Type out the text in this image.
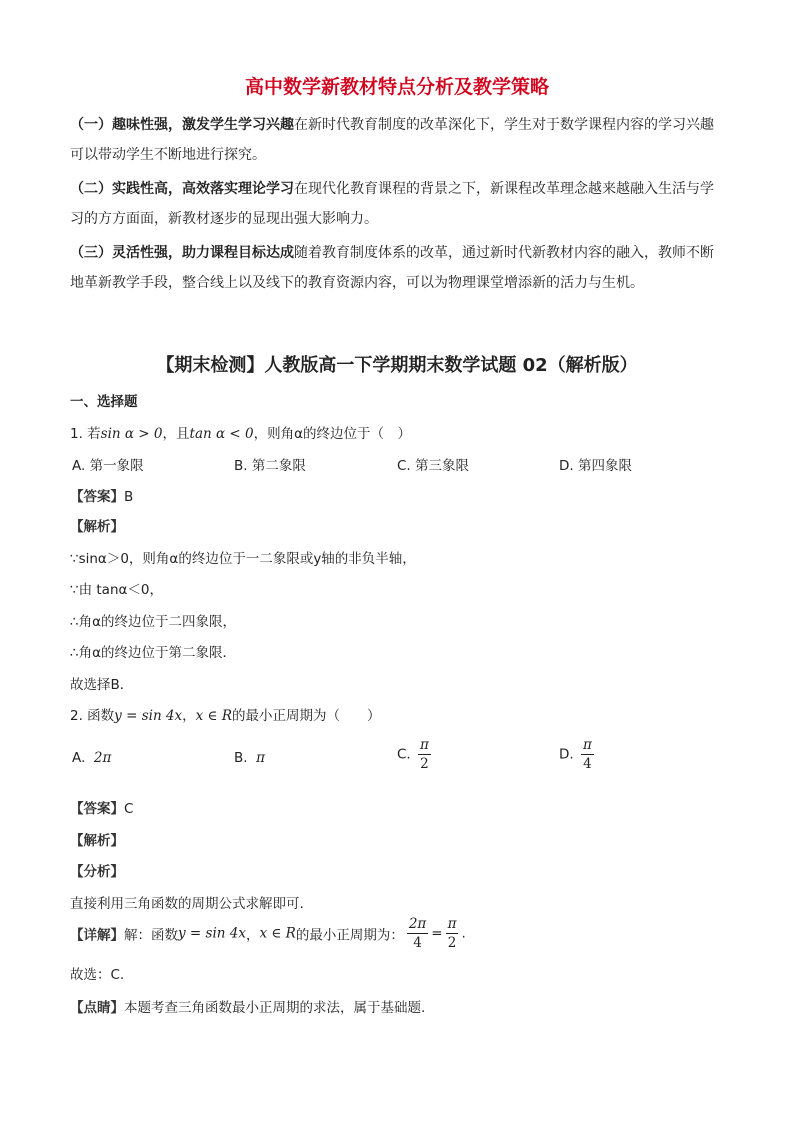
高中数学新教材特点分析及教学策略
（一）趣味性强，激发学生学习兴趣在新时代教育制度的改革深化下，学生对于数学课程内容的学习兴趣可以带动学生不断地进行探究。
（二）实践性高，高效落实理论学习在现代化教育课程的背景之下，新课程改革理念越来越融入生活与学习的方方面面，新教材逐步的显现出强大影响力。
（三）灵活性强，助力课程目标达成随着教育制度体系的改革，通过新时代新教材内容的融入，教师不断地革新教学手段，整合线上以及线下的教育资源内容，可以为物理课堂增添新的活力与生机。
【期末检测】人教版高一下学期期末数学试题 02（解析版）
一、选择题
1. 若sin α > 0，且tan α < 0，则角α的终边位于（　）
A. 第一象限	B. 第二象限	C. 第三象限	D. 第四象限
【答案】B
【解析】
∵sinα＞0，则角α的终边位于一二象限或y轴的非负半轴，
∵由 tanα＜0，
∴角α的终边位于二四象限，
∴角α的终边位于第二象限．
故选择B．
2. 函数y = sin 4x，x ∈ R的最小正周期为（　　）
A. 2π	B. π	C. $\frac{\pi}{2}$	D. $\frac{\pi}{4}$
【答案】C
【解析】
【分析】
直接利用三角函数的周期公式求解即可.
【详解】解：函数y = sin 4x，x ∈ R的最小正周期为： $\frac{2\pi}{4} = \frac{\pi}{2}$ .
故选：C.
【点睛】本题考查三角函数最小正周期的求法，属于基础题.
